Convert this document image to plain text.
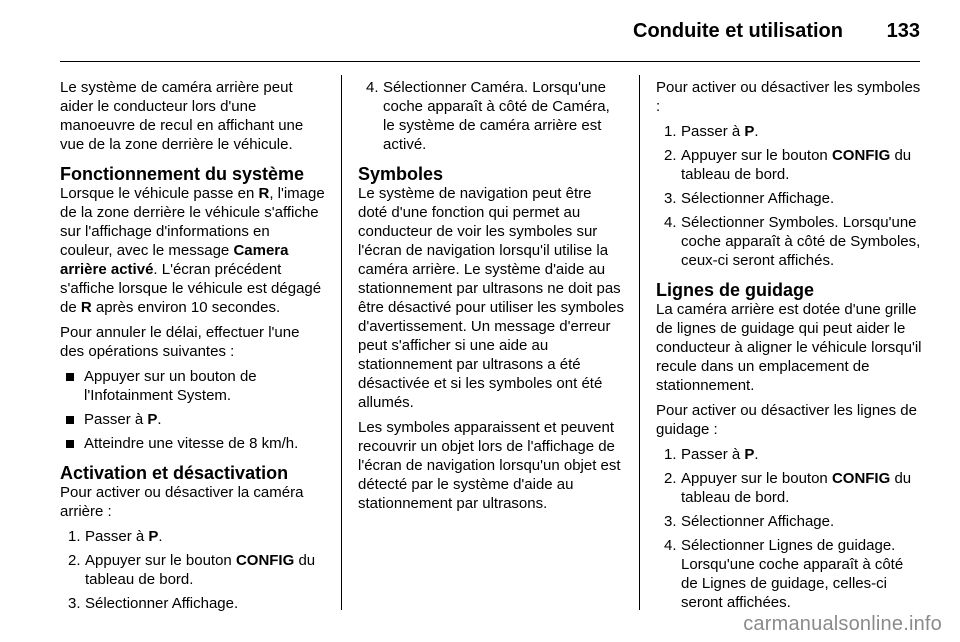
Conduite et utilisation 133

Le système de caméra arrière peut aider le conducteur lors d'une manoeuvre de recul en affichant une vue de la zone derrière le véhicule.

Fonctionnement du système

Lorsque le véhicule passe en R, l'image de la zone derrière le véhicule s'affiche sur l'affichage d'informations en couleur, avec le message Camera arrière activé. L'écran précédent s'affiche lorsque le véhicule est dégagé de R après environ 10 secondes.

Pour annuler le délai, effectuer l'une des opérations suivantes :

Appuyer sur un bouton de l'Infotainment System.
Passer à P.
Atteindre une vitesse de 8 km/h.
Activation et désactivation

Pour activer ou désactiver la caméra arrière :

1. Passer à P.
2. Appuyer sur le bouton CONFIG du tableau de bord.
3. Sélectionner Affichage.
4. Sélectionner Caméra. Lorsqu'une coche apparaît à côté de Caméra, le système de caméra arrière est activé.
Symboles

Le système de navigation peut être doté d'une fonction qui permet au conducteur de voir les symboles sur l'écran de navigation lorsqu'il utilise la caméra arrière. Le système d'aide au stationnement par ultrasons ne doit pas être désactivé pour utiliser les symboles d'avertissement. Un message d'erreur peut s'afficher si une aide au stationnement par ultrasons a été désactivée et si les symboles ont été allumés.

Les symboles apparaissent et peuvent recouvrir un objet lors de l'affichage de l'écran de navigation lorsqu'un objet est détecté par le système d'aide au stationnement par ultrasons.

Pour activer ou désactiver les symboles :

1. Passer à P.
2. Appuyer sur le bouton CONFIG du tableau de bord.
3. Sélectionner Affichage.
4. Sélectionner Symboles. Lorsqu'une coche apparaît à côté de Symboles, ceux-ci seront affichés.
Lignes de guidage

La caméra arrière est dotée d'une grille de lignes de guidage qui peut aider le conducteur à aligner le véhicule lorsqu'il recule dans un emplacement de stationnement.

Pour activer ou désactiver les lignes de guidage :

1. Passer à P.
2. Appuyer sur le bouton CONFIG du tableau de bord.
3. Sélectionner Affichage.
4. Sélectionner Lignes de guidage. Lorsqu'une coche apparaît à côté de Lignes de guidage, celles-ci seront affichées.
carmanualsonline.info
